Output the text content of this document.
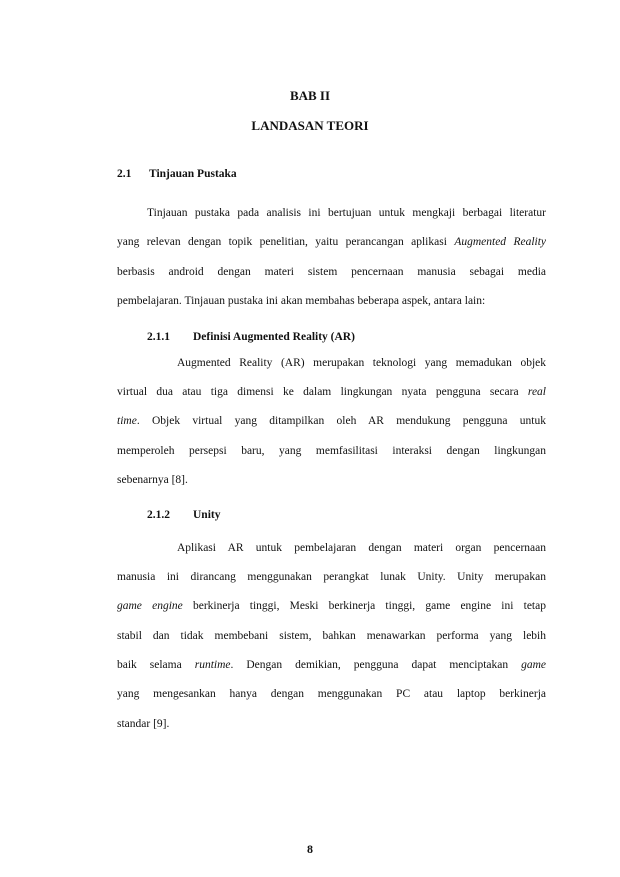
BAB II

LANDASAN TEORI

2.1 Tinjauan Pustaka

Tinjauan pustaka pada analisis ini bertujuan untuk mengkaji berbagai literatur

yang relevan dengan topik penelitian, yaitu perancangan aplikasi Augmented Reality

berbasis android dengan materi sistem pencernaan manusia sebagai media

pembelajaran. Tinjauan pustaka ini akan membahas beberapa aspek, antara lain:

2.1.1 Definisi Augmented Reality (AR)

Augmented Reality (AR) merupakan teknologi yang memadukan objek

virtual dua atau tiga dimensi ke dalam lingkungan nyata pengguna secara real

time. Objek virtual yang ditampilkan oleh AR mendukung pengguna untuk

memperoleh persepsi baru, yang memfasilitasi interaksi dengan lingkungan

sebenarnya [8].

2.1.2 Unity

Aplikasi AR untuk pembelajaran dengan materi organ pencernaan

manusia ini dirancang menggunakan perangkat lunak Unity. Unity merupakan

game engine berkinerja tinggi, Meski berkinerja tinggi, game engine ini tetap

stabil dan tidak membebani sistem, bahkan menawarkan performa yang lebih

baik selama runtime. Dengan demikian, pengguna dapat menciptakan game

yang mengesankan hanya dengan menggunakan PC atau laptop berkinerja

standar [9].

8
